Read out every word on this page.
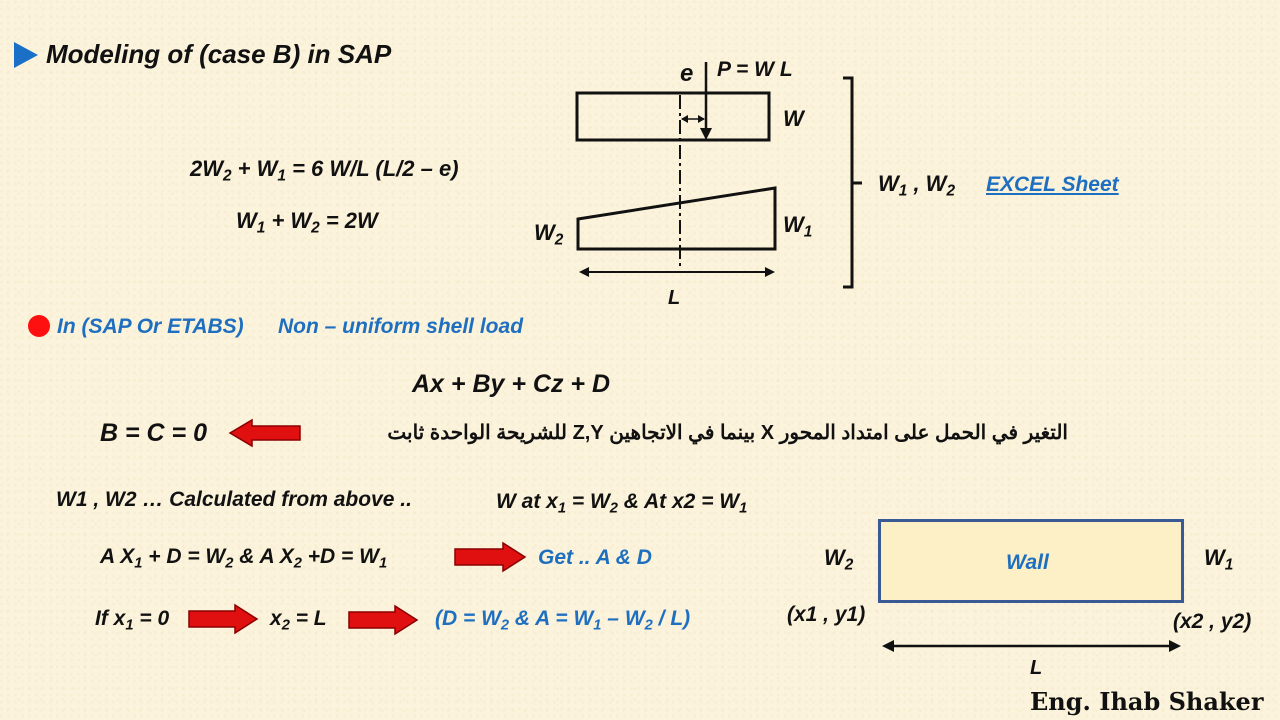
Modeling of (case B) in SAP
$2W_2 + W_1 = 6$ W/L (L/2 – e)
$W_1 + W_2 = 2W$
e P = W L
W
$W_2$
$W_1$
L
$W_1$ , $W_2$ EXCEL Sheet
In (SAP Or ETABS) Non – uniform shell load
Ax + By + Cz + D
B = C = 0	التغير في الحمل على امتداد المحور X بينما في الاتجاهين Z,Y للشريحة الواحدة ثابت
W1 , W2 … Calculated from above ..	W at $x_1 = W_2$ & At $x2 = W_1$
A $X_1 + D = W_2$ & A $X_2 +D = W_1$	Get .. A & D
If $x_1 = 0$	$x_2 = L$	($D = W_2$ & $A = W_1 - W_2 / L$)
Wall
$W_2$	$W_1$
(x1 , y1)	(x2 , y2)
L
Eng. Ihab Shaker
